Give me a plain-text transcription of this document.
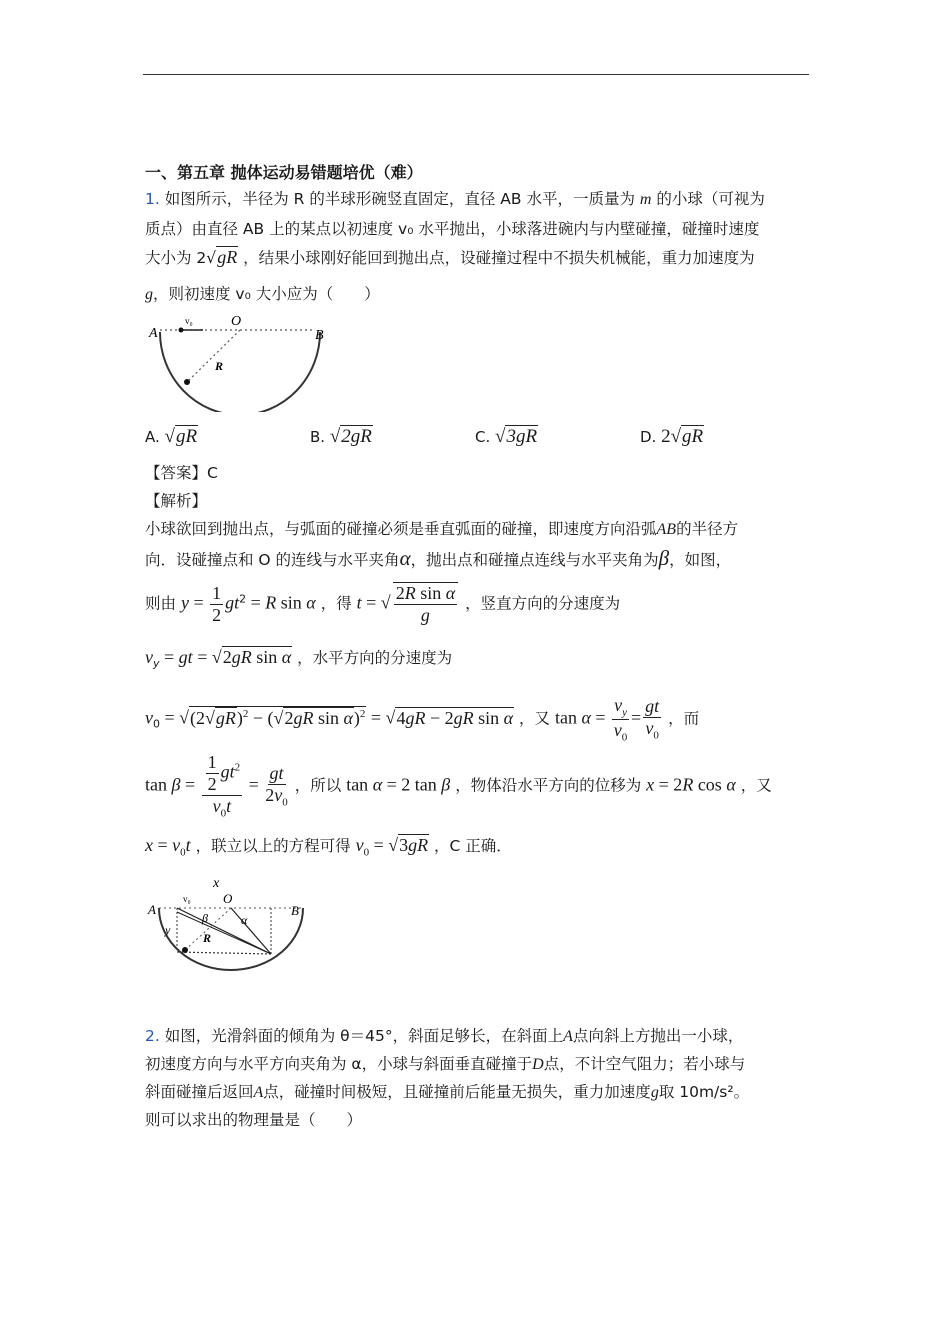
一、第五章 抛体运动易错题培优（难）
1. 如图所示，半径为 R 的半球形碗竖直固定，直径 AB 水平，一质量为 m 的小球（可视为
质点）由直径 AB 上的某点以初速度 v₀ 水平抛出，小球落进碗内与内壁碰撞，碰撞时速度
大小为 2√gR ，结果小球刚好能回到抛出点，设碰撞过程中不损失机械能，重力加速度为
g，则初速度 v₀ 大小应为（　　）
A
v₀	O
B
R
A. √gR	B. √2gR	C. √3gR	D. 2√gR
【答案】C
【解析】
小球欲回到抛出点，与弧面的碰撞必须是垂直弧面的碰撞，即速度方向沿弧AB的半径方
向．设碰撞点和 O 的连线与水平夹角α，抛出点和碰撞点连线与水平夹角为β，如图，
则由 $y = \frac{1}{2} gt^2 = R$ sin α ，得 t = √ $\frac{\text{2R sin α}}{g}$ ，竖直方向的分速度为
$v_y$ = gt = √2gR sin α ，水平方向的分速度为
$v_0 = √(2√gR)^2 - (√2gR$ sin α)$^2$ = √4gR − 2gR sin α ，又 $\tan \alpha = \frac{v_y}{v_0} = \frac{gt}{v_0}$ ，而
$\tan \beta = \frac{\frac{1}{2} gt^2}{v_0t} = \frac{gt}{2v_0}$ ，所以 tan α = 2 tan β ，物体沿水平方向的位移为 x = 2R cos α ，又
$x = v_0t$ ，联立以上的方程可得 $v_0 = √3gR$ ，C 正确．
x
A
v₀ O
B
y
β	α
R
2. 如图，光滑斜面的倾角为 θ＝45°，斜面足够长，在斜面上A点向斜上方抛出一小球，
初速度方向与水平方向夹角为 α，小球与斜面垂直碰撞于D点，不计空气阻力；若小球与
斜面碰撞后返回A点，碰撞时间极短，且碰撞前后能量无损失，重力加速度g取 10m/s²。
则可以求出的物理量是（　　）
